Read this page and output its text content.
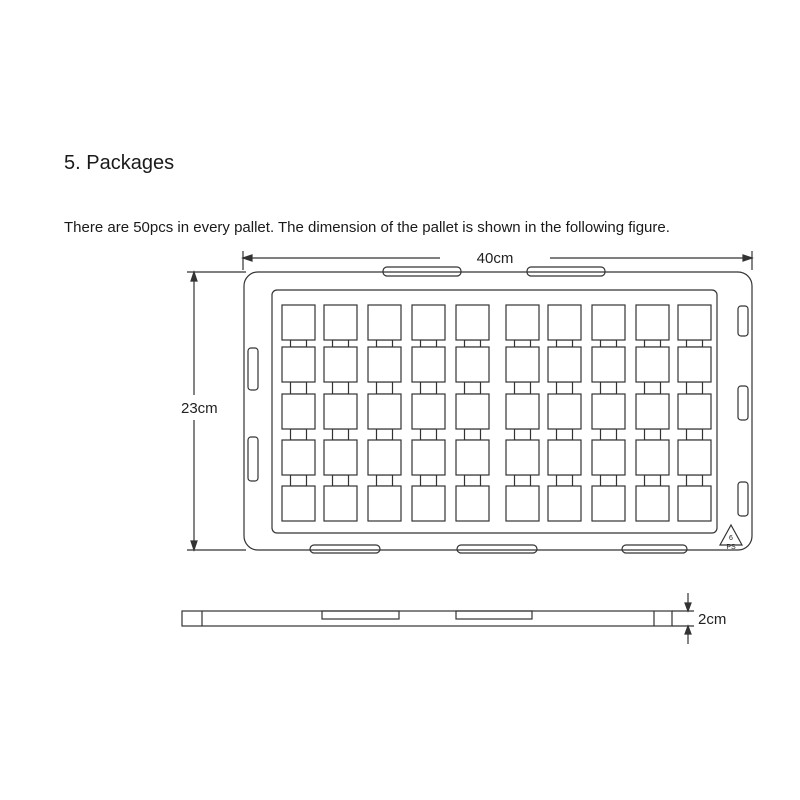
5. Packages
There are 50pcs in every pallet. The dimension of the pallet is shown in the following figure.
6
PS
40cm
23cm
2cm
